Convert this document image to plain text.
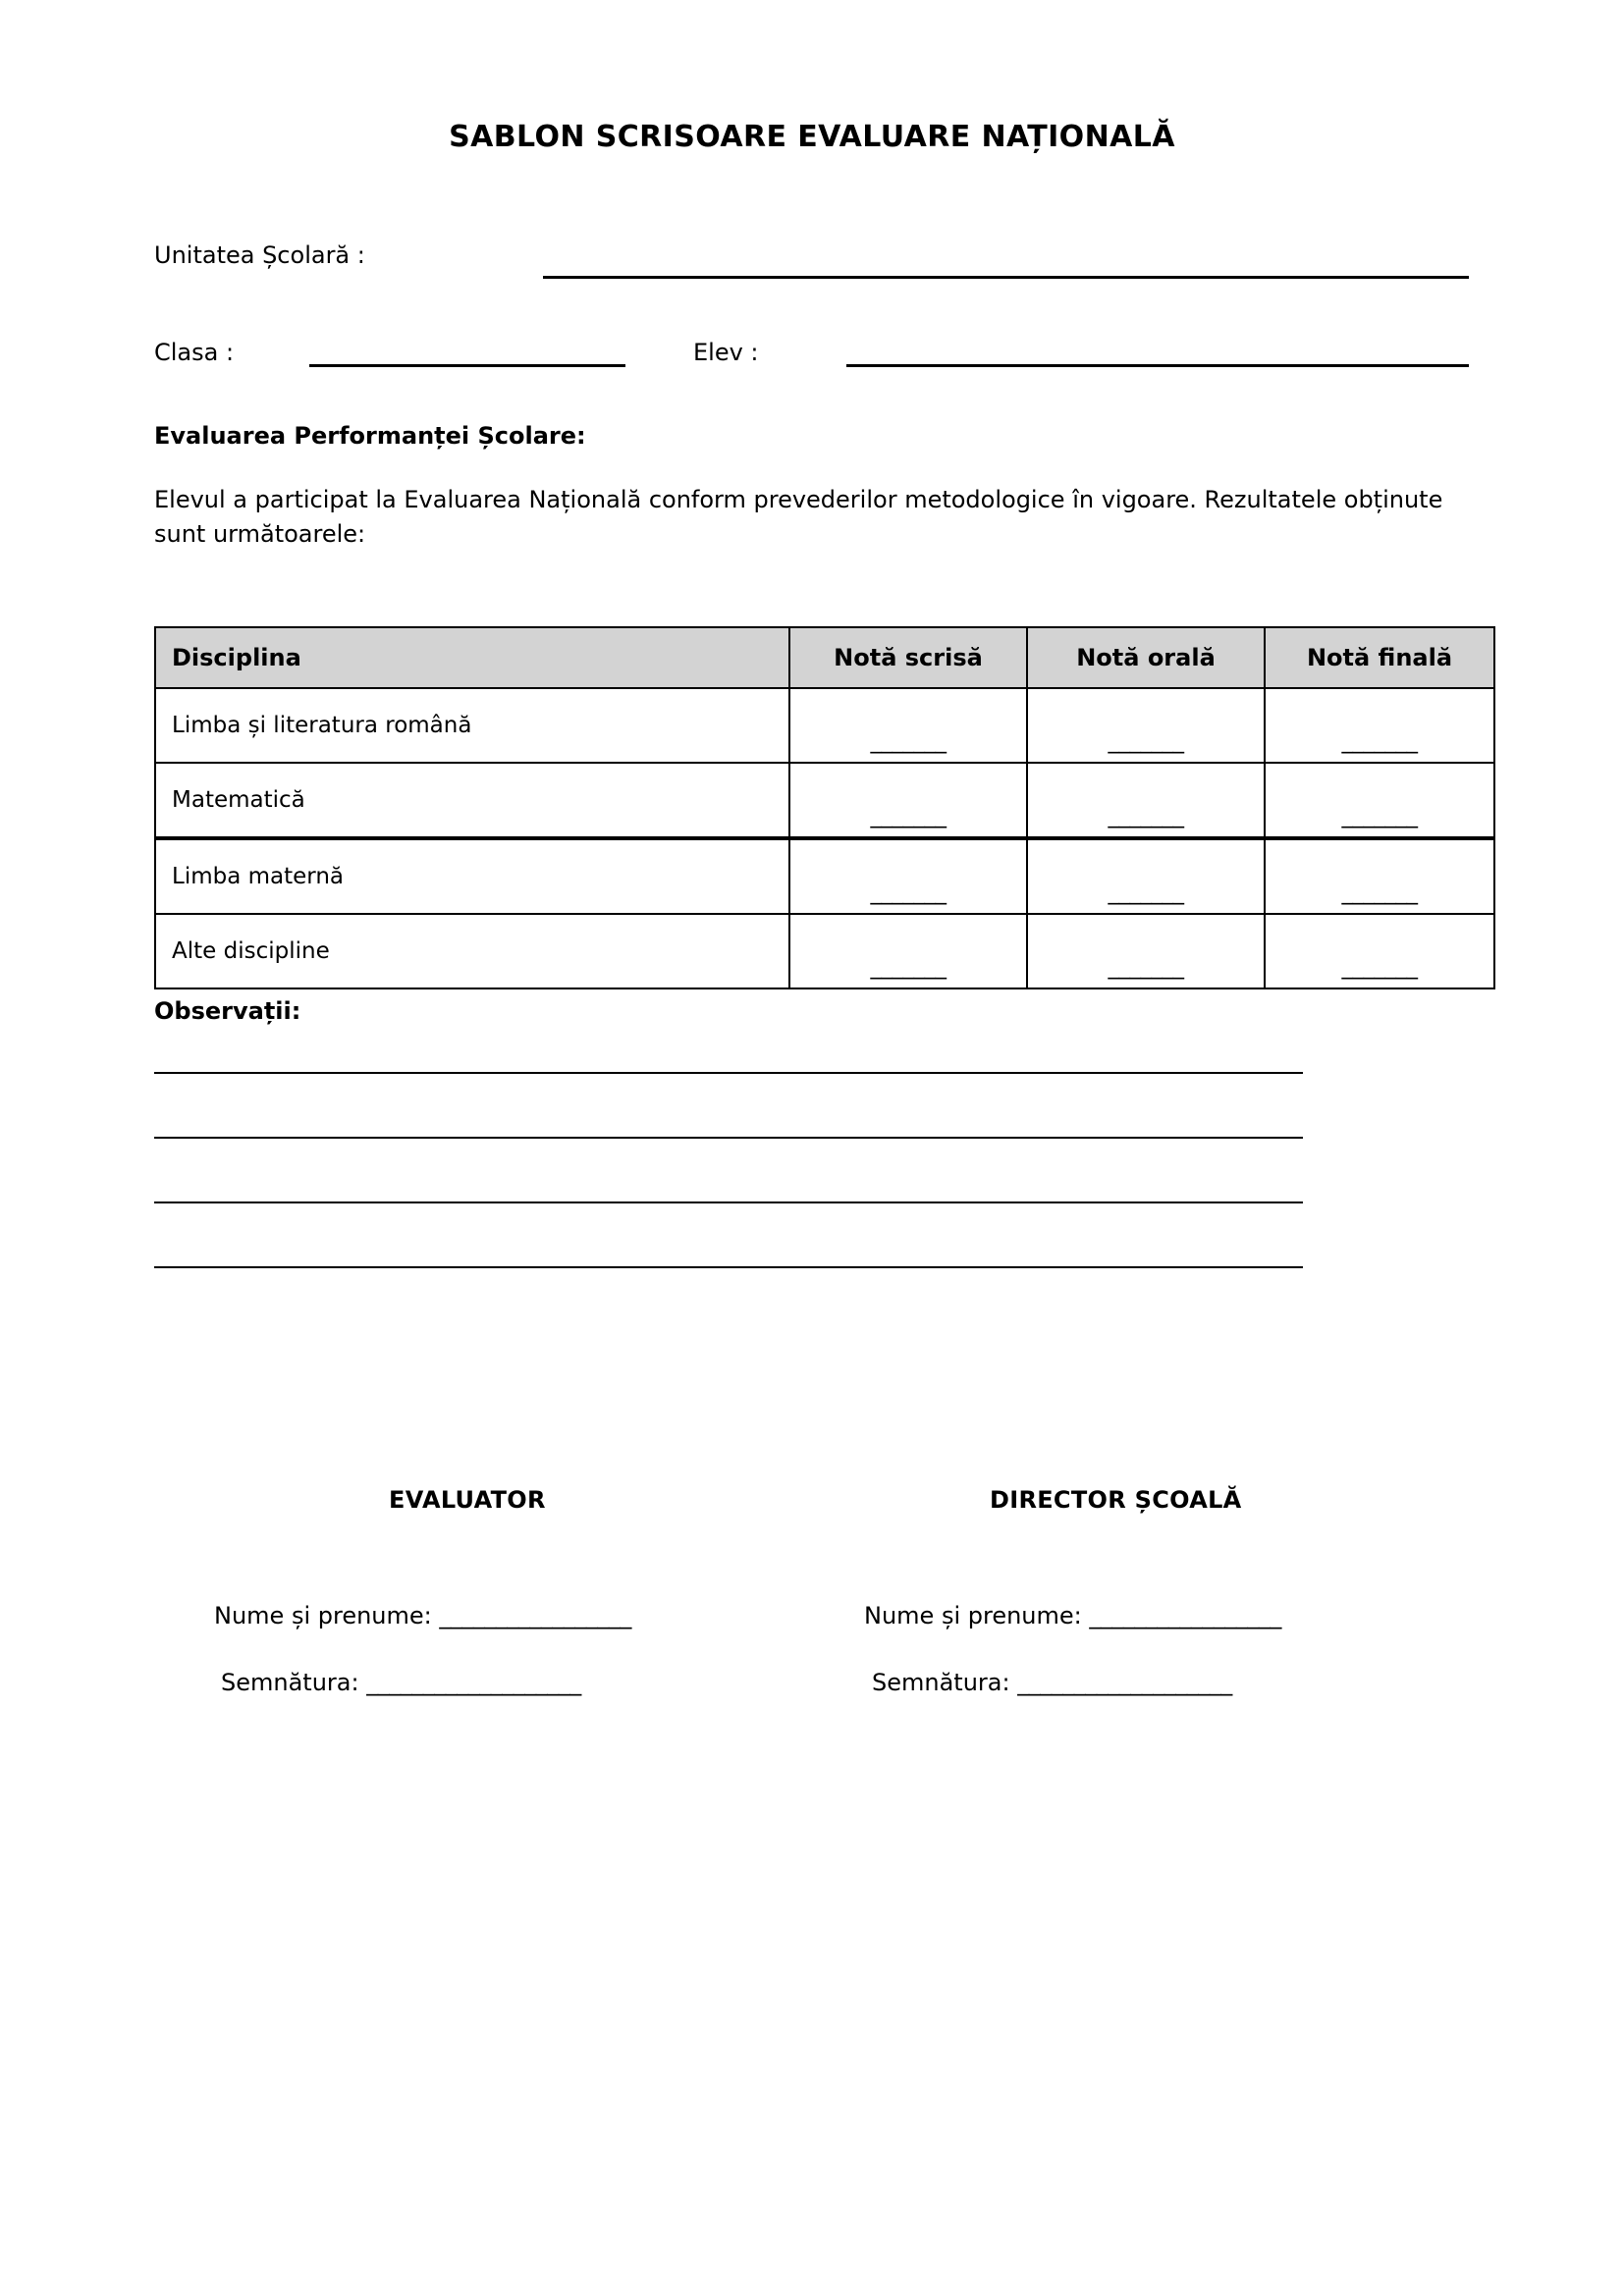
SABLON SCRISOARE EVALUARE NAȚIONALĂ
Unitatea Școlară :
Clasa :	Elev :
Evaluarea Performanței Școlare:
Elevul a participat la Evaluarea Națională conform prevederilor metodologice în vigoare. Rezultatele obținute sunt următoarele:
Disciplina	Notă scrisă	Notă orală	Notă finală
Limba și literatura română	_______	_______	_______
Matematică	_______	_______	_______
Limba maternă	_______	_______	_______
Alte discipline	_______	_______	_______
Observații:
EVALUATOR	DIRECTOR ȘCOALĂ
Nume și prenume: _________________
Semnătura: ___________________
Nume și prenume: _________________
Semnătura: ___________________
